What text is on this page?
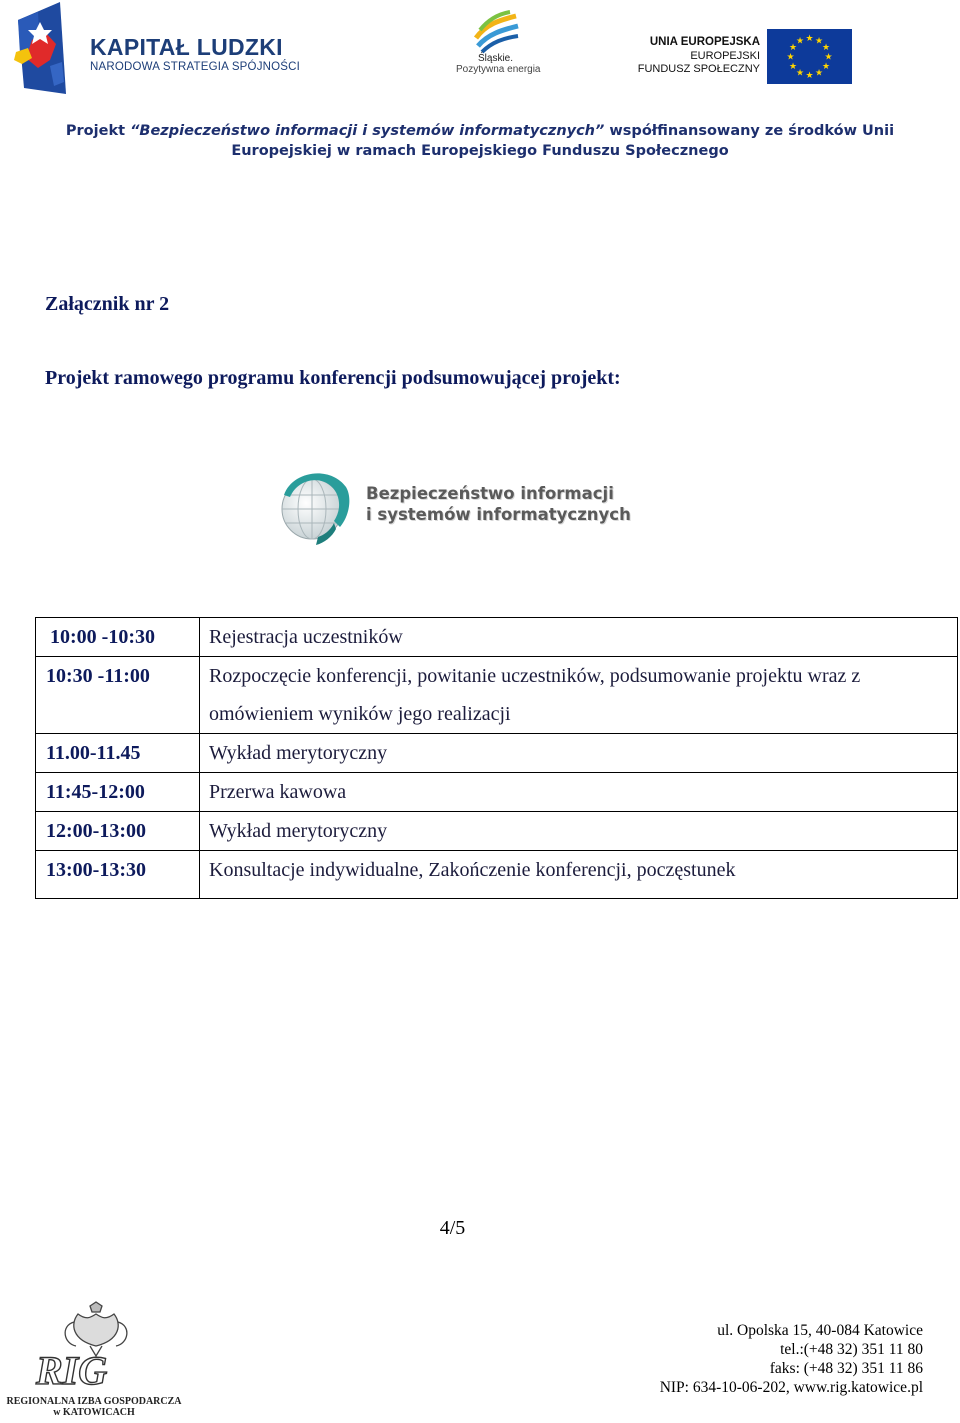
KAPITAŁ LUDZKI
NARODOWA STRATEGIA SPÓJNOŚCI
Śląskie.
Pozytywna energia
UNIA EUROPEJSKA
EUROPEJSKI
FUNDUSZ SPOŁECZNY
★ ★
★
★
★
★
★
★
★
★
★
★
Projekt “Bezpieczeństwo informacji i systemów informatycznych” współfinansowany ze środków Unii
Europejskiej w ramach Europejskiego Funduszu Społecznego
Załącznik nr 2
Projekt ramowego programu konferencji podsumowującej projekt:
Bezpieczeństwo informacji
i systemów informatycznych
10:00 -10:30	Rejestracja uczestników
10:30 -11:00	Rozpoczęcie konferencji, powitanie uczestników, podsumowanie projektu wraz z
omówieniem wyników jego realizacji

11.00-11.45	Wykład merytoryczny
11:45-12:00	Przerwa kawowa
12:00-13:00	Wykład merytoryczny
13:00-13:30	Konsultacje indywidualne, Zakończenie konferencji, poczęstunek
4/5
RIG
REGIONALNA IZBA GOSPODARCZA
w KATOWICACH
ul. Opolska 15, 40-084 Katowice
tel.:(+48 32) 351 11 80
faks: (+48 32) 351 11 86
NIP: 634-10-06-202, www.rig.katowice.pl
